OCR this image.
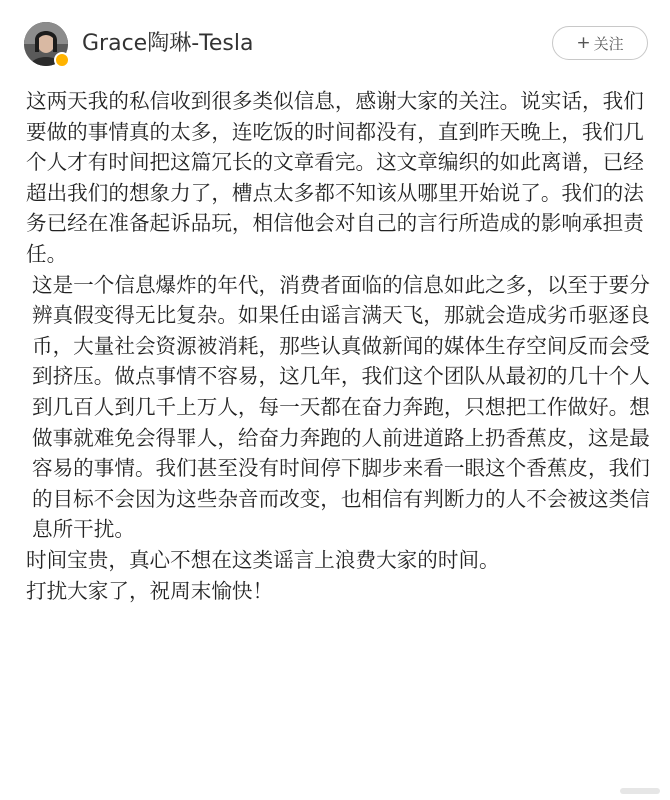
Grace陶琳-Tesla	+ 关注

这两天我的私信收到很多类似信息，感谢大家的关注。说实话，我们要做的事情真的太多，连吃饭的时间都没有，直到昨天晚上，我们几个人才有时间把这篇冗长的文章看完。这文章编织的如此离谱，已经超出我们的想象力了，槽点太多都不知该从哪里开始说了。我们的法务已经在准备起诉品玩，相信他会对自己的言行所造成的影响承担责任。

这是一个信息爆炸的年代，消费者面临的信息如此之多，以至于要分辨真假变得无比复杂。如果任由谣言满天飞，那就会造成劣币驱逐良币，大量社会资源被消耗，那些认真做新闻的媒体生存空间反而会受到挤压。做点事情不容易，这几年，我们这个团队从最初的几十个人到几百人到几千上万人，每一天都在奋力奔跑，只想把工作做好。想做事就难免会得罪人，给奋力奔跑的人前进道路上扔香蕉皮，这是最容易的事情。我们甚至没有时间停下脚步来看一眼这个香蕉皮，我们的目标不会因为这些杂音而改变，也相信有判断力的人不会被这类信息所干扰。

时间宝贵，真心不想在这类谣言上浪费大家的时间。

打扰大家了，祝周末愉快！
